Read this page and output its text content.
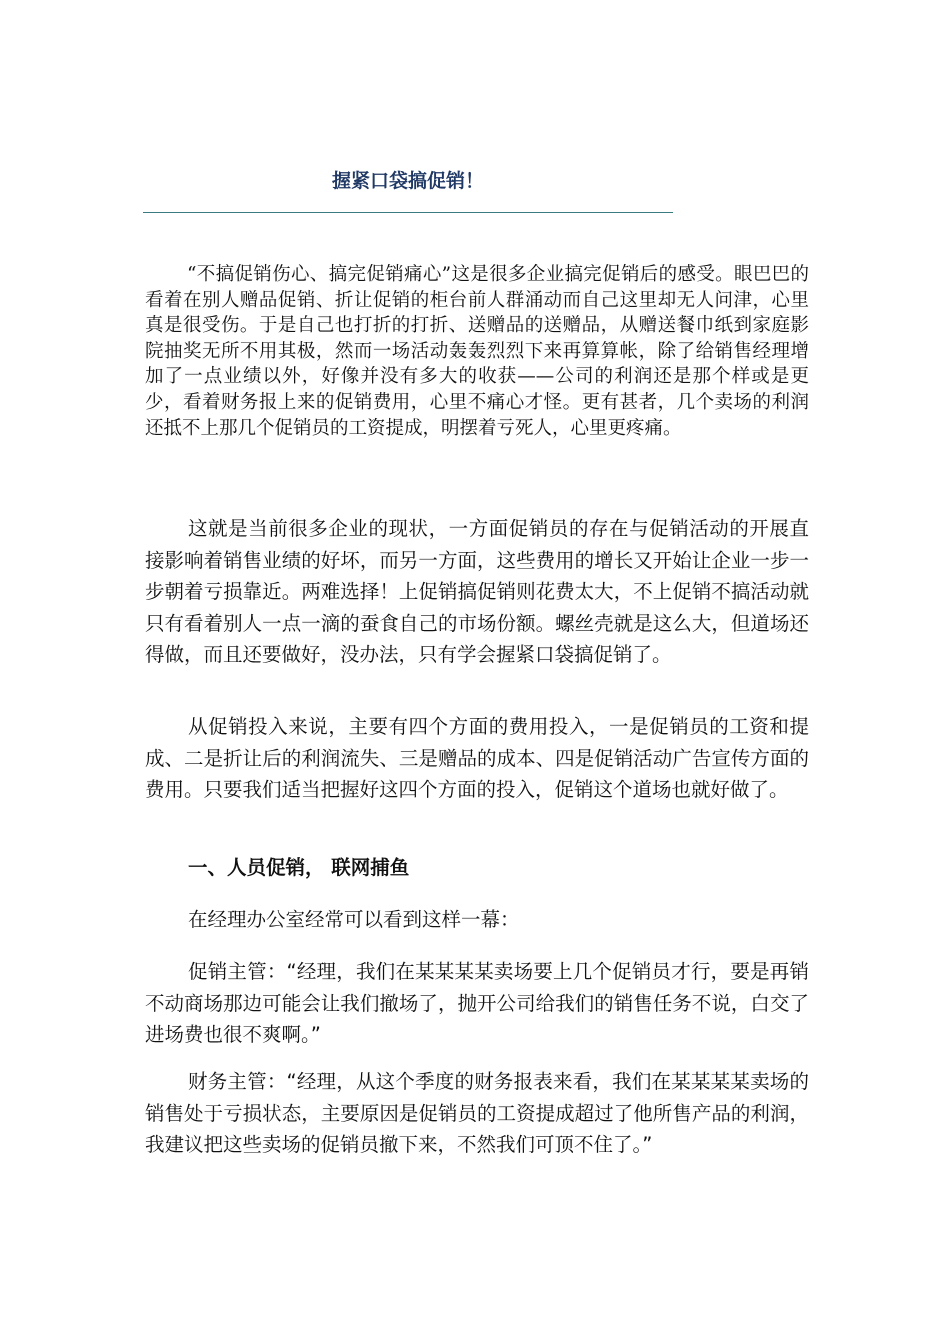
握紧口袋搞促销！

“不搞促销伤心、搞完促销痛心”这是很多企业搞完促销后的感受。眼巴巴的看着在别人赠品促销、折让促销的柜台前人群涌动而自己这里却无人问津，心里真是很受伤。于是自己也打折的打折、送赠品的送赠品，从赠送餐巾纸到家庭影院抽奖无所不用其极，然而一场活动轰轰烈烈下来再算算帐，除了给销售经理增加了一点业绩以外，好像并没有多大的收获——公司的利润还是那个样或是更少，看着财务报上来的促销费用，心里不痛心才怪。更有甚者，几个卖场的利润还抵不上那几个促销员的工资提成，明摆着亏死人，心里更疼痛。

这就是当前很多企业的现状，一方面促销员的存在与促销活动的开展直接影响着销售业绩的好坏，而另一方面，这些费用的增长又开始让企业一步一步朝着亏损靠近。两难选择！上促销搞促销则花费太大，不上促销不搞活动就只有看着别人一点一滴的蚕食自己的市场份额。螺丝壳就是这么大，但道场还得做，而且还要做好，没办法，只有学会握紧口袋搞促销了。

从促销投入来说，主要有四个方面的费用投入，一是促销员的工资和提成、二是折让后的利润流失、三是赠品的成本、四是促销活动广告宣传方面的费用。只要我们适当把握好这四个方面的投入，促销这个道场也就好做了。

一、人员促销， 联网捕鱼

在经理办公室经常可以看到这样一幕：

促销主管：“经理，我们在某某某某卖场要上几个促销员才行，要是再销不动商场那边可能会让我们撤场了，抛开公司给我们的销售任务不说，白交了进场费也很不爽啊。”

财务主管：“经理，从这个季度的财务报表来看，我们在某某某某卖场的销售处于亏损状态，主要原因是促销员的工资提成超过了他所售产品的利润，我建议把这些卖场的促销员撤下来，不然我们可顶不住了。”
